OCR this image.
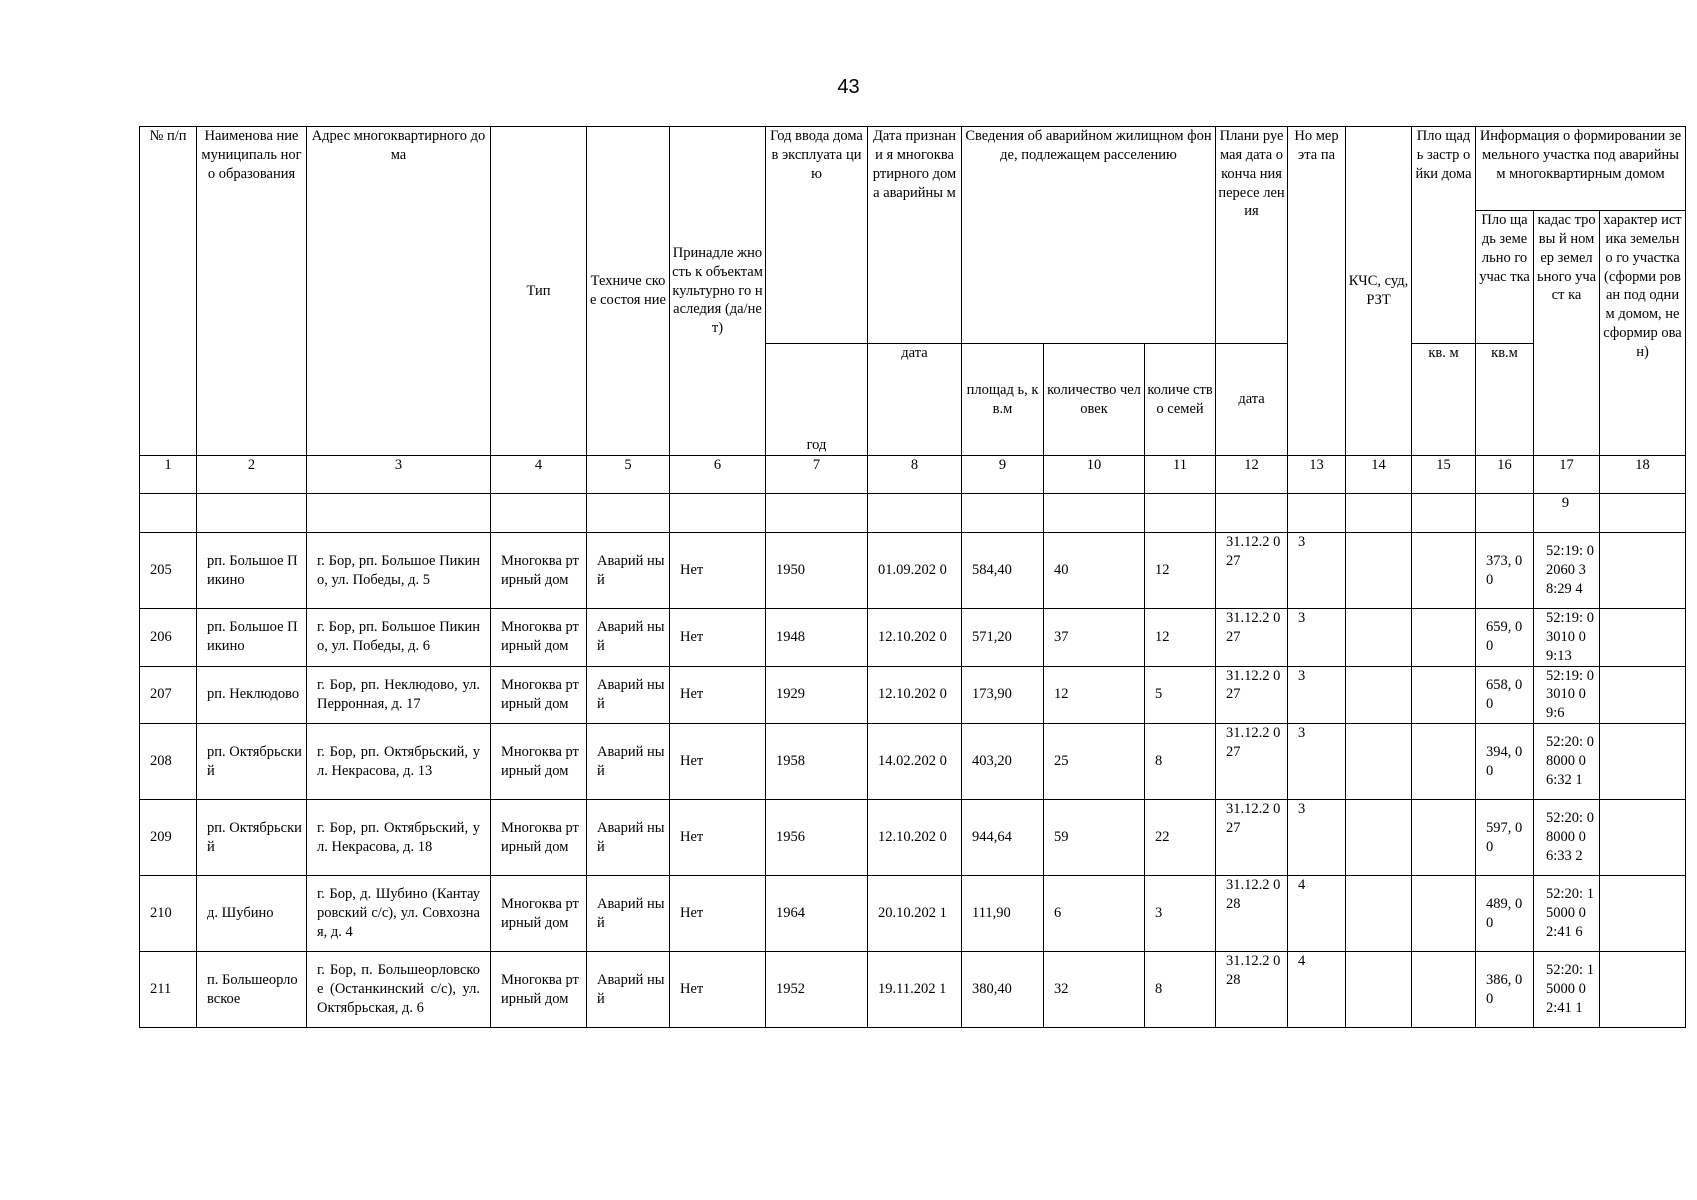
43
№ п/п	Наименова ние муниципаль ного образования	Адрес многоквартирного дома	Тип	Техниче ское состоя ние	Принадле жность к объектам культурно го наследия (да/нет)	Год ввода дома в эксплуата цию	Дата признани я многоква ртирного дома аварийны м	Сведения об аварийном жилищном фонде, подлежащем расселению			Плани руемая дата оконча ния пересе ления	Но мер эта па	КЧС, суд, РЗТ	Пло щадь застр ойки дома	Информация о формировании земельного участка под аварийным многоквартирным домом		
															Пло щадь земе льно го учас тка	кадас тровы й номер земел ьного участ ка	характер истика земельно го участка (сформи рован под одним домом, не сформир ован)
						год	дата	площад ь, кв.м	количество человек	количе ство семей	дата			кв. м	кв.м		
1	2	3	4	5	6	7	8	9	10	11	12	13	14	15	16	17	18
																9	
205	рп. Большое Пикино	г. Бор, рп. Большое Пикино, ул. Победы, д. 5	Многоква ртирный дом	Аварий ный	Нет	1950	01.09.202 0	584,40	40	12	31.12.2 027	3			373, 00	52:19: 02060 38:29 4	
206	рп. Большое Пикино	г. Бор, рп. Большое Пикино, ул. Победы, д. 6	Многоква ртирный дом	Аварий ный	Нет	1948	12.10.202 0	571,20	37	12	31.12.2 027	3			659, 00	52:19: 03010 09:13	
207	рп. Неклюдово	г. Бор, рп. Неклюдово, ул. Перронная, д. 17	Многоква ртирный дом	Аварий ный	Нет	1929	12.10.202 0	173,90	12	5	31.12.2 027	3			658, 00	52:19: 03010 09:6	
208	рп. Октябрьски й	г. Бор, рп. Октябрьский, ул. Некрасова, д. 13	Многоква ртирный дом	Аварий ный	Нет	1958	14.02.202 0	403,20	25	8	31.12.2 027	3			394, 00	52:20: 08000 06:32 1	
209	рп. Октябрьски й	г. Бор, рп. Октябрьский, ул. Некрасова, д. 18	Многоква ртирный дом	Аварий ный	Нет	1956	12.10.202 0	944,64	59	22	31.12.2 027	3			597, 00	52:20: 08000 06:33 2	
210	д. Шубино	г. Бор, д. Шубино (Кантауровский с/с), ул. Совхозная, д. 4	Многоква ртирный дом	Аварий ный	Нет	1964	20.10.202 1	111,90	6	3	31.12.2 028	4			489, 00	52:20: 15000 02:41 6	
211	п. Большеорло вское	г. Бор, п. Большеорловское (Останкинский с/с), ул. Октябрьская, д. 6	Многоква ртирный дом	Аварий ный	Нет	1952	19.11.202 1	380,40	32	8	31.12.2 028	4			386, 00	52:20: 15000 02:41 1	
